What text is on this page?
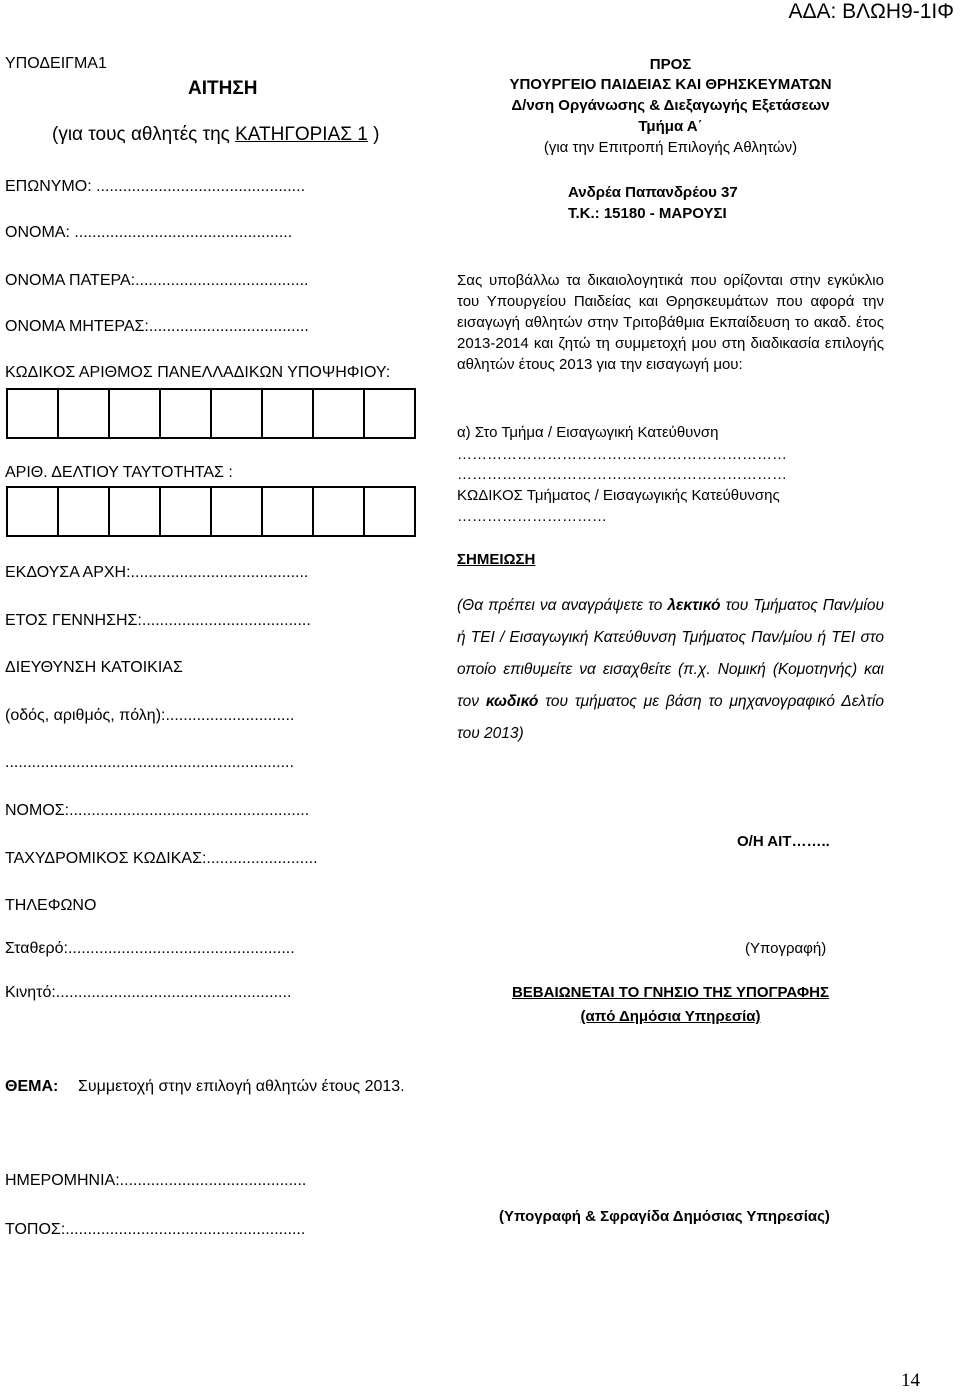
ΑΔΑ: ΒΛΩΗ9-1ΙΦ
ΥΠΟΔΕΙΓΜΑ1
ΑΙΤΗΣΗ
(για τους αθλητές της ΚΑΤΗΓΟΡΙΑΣ 1 )
ΕΠΩΝΥΜΟ: ...............................................
ΟΝΟΜΑ: .................................................
ΟΝΟΜΑ ΠΑΤΕΡΑ:.......................................
ΟΝΟΜΑ ΜΗΤΕΡΑΣ:....................................
ΚΩΔΙΚΟΣ ΑΡΙΘΜΟΣ ΠΑΝΕΛΛΑΔΙΚΩΝ ΥΠΟΨΗΦΙΟΥ:
ΑΡΙΘ. ΔΕΛΤΙΟΥ ΤΑΥΤΟΤΗΤΑΣ :
ΕΚΔΟΥΣΑ ΑΡΧΗ:........................................
ΕΤΟΣ ΓΕΝΝΗΣΗΣ:......................................
ΔΙΕΥΘΥΝΣΗ ΚΑΤΟΙΚΙΑΣ
(οδός, αριθμός, πόλη):.............................
.................................................................
ΝΟΜΟΣ:......................................................
ΤΑΧΥΔΡΟΜΙΚΟΣ ΚΩΔΙΚΑΣ:.........................
ΤΗΛΕΦΩΝΟ
Σταθερό:...................................................
Κινητό:.....................................................
ΘΕΜΑ: Συμμετοχή στην επιλογή αθλητών έτους 2013.
ΗΜΕΡΟΜΗΝΙΑ:..........................................
ΤΟΠΟΣ:......................................................
ΠΡΟΣ
ΥΠΟΥΡΓΕΙΟ ΠΑΙΔΕΙΑΣ ΚΑΙ ΘΡΗΣΚΕΥΜΑΤΩΝ
Δ/νση Οργάνωσης & Διεξαγωγής Εξετάσεων
Τμήμα Α΄
(για την Επιτροπή Επιλογής Αθλητών)
Ανδρέα Παπανδρέου 37
Τ.Κ.: 15180 - ΜΑΡΟΥΣΙ
Σας υποβάλλω τα δικαιολογητικά που ορίζονται στην εγκύκλιο του Υπουργείου Παιδείας και Θρησκευμάτων που αφορά την εισαγωγή αθλητών στην Τριτοβάθμια Εκπαίδευση το ακαδ. έτος 2013-2014 και ζητώ τη συμμετοχή μου στη διαδικασία επιλογής αθλητών έτους 2013 για την εισαγωγή μου:
α) Στο Τμήμα / Εισαγωγική Κατεύθυνση
…………………………………………………………
…………………………………………………………
ΚΩΔΙΚΟΣ Τμήματος / Εισαγωγικής Κατεύθυνσης
…………………………
ΣΗΜΕΙΩΣΗ
(Θα πρέπει να αναγράψετε το λεκτικό του Τμήματος Παν/μίου ή ΤΕΙ / Εισαγωγική Κατεύθυνση Τμήματος Παν/μίου ή ΤΕΙ στο οποίο επιθυμείτε να εισαχθείτε (π.χ. Νομική (Κομοτηνής) και τον κωδικό του τμήματος με βάση το μηχανογραφικό Δελτίο του 2013)
Ο/Η ΑΙΤ……..
(Υπογραφή)
ΒΕΒΑΙΩΝΕΤΑΙ ΤΟ ΓΝΗΣΙΟ ΤΗΣ ΥΠΟΓΡΑΦΗΣ
(από Δημόσια Υπηρεσία)
(Υπογραφή & Σφραγίδα Δημόσιας Υπηρεσίας)
14
